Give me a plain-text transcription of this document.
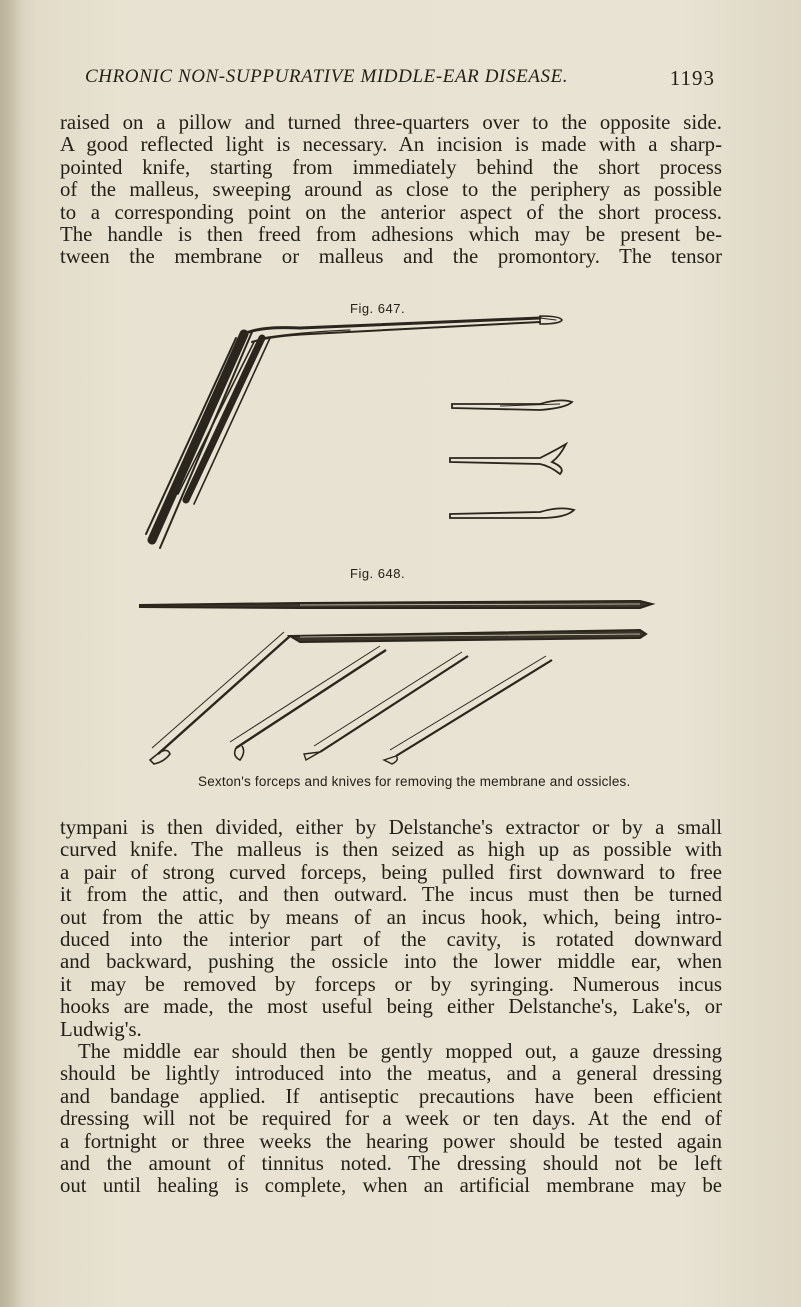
CHRONIC NON-SUPPURATIVE MIDDLE-EAR DISEASE.	1193
raised on a pillow and turned three-quarters over to the opposite side.
A good reflected light is necessary. An incision is made with a sharp-
pointed knife, starting from immediately behind the short process
of the malleus, sweeping around as close to the periphery as possible
to a corresponding point on the anterior aspect of the short process.
The handle is then freed from adhesions which may be present be-
tween the membrane or malleus and the promontory. The tensor
Fig. 647.
Fig. 648.
Sexton's forceps and knives for removing the membrane and ossicles.
tympani is then divided, either by Delstanche's extractor or by a small
curved knife. The malleus is then seized as high up as possible with
a pair of strong curved forceps, being pulled first downward to free
it from the attic, and then outward. The incus must then be turned
out from the attic by means of an incus hook, which, being intro-
duced into the interior part of the cavity, is rotated downward
and backward, pushing the ossicle into the lower middle ear, when
it may be removed by forceps or by syringing. Numerous incus
hooks are made, the most useful being either Delstanche's, Lake's, or
Ludwig's.
The middle ear should then be gently mopped out, a gauze dressing
should be lightly introduced into the meatus, and a general dressing
and bandage applied. If antiseptic precautions have been efficient
dressing will not be required for a week or ten days. At the end of
a fortnight or three weeks the hearing power should be tested again
and the amount of tinnitus noted. The dressing should not be left
out until healing is complete, when an artificial membrane may be
